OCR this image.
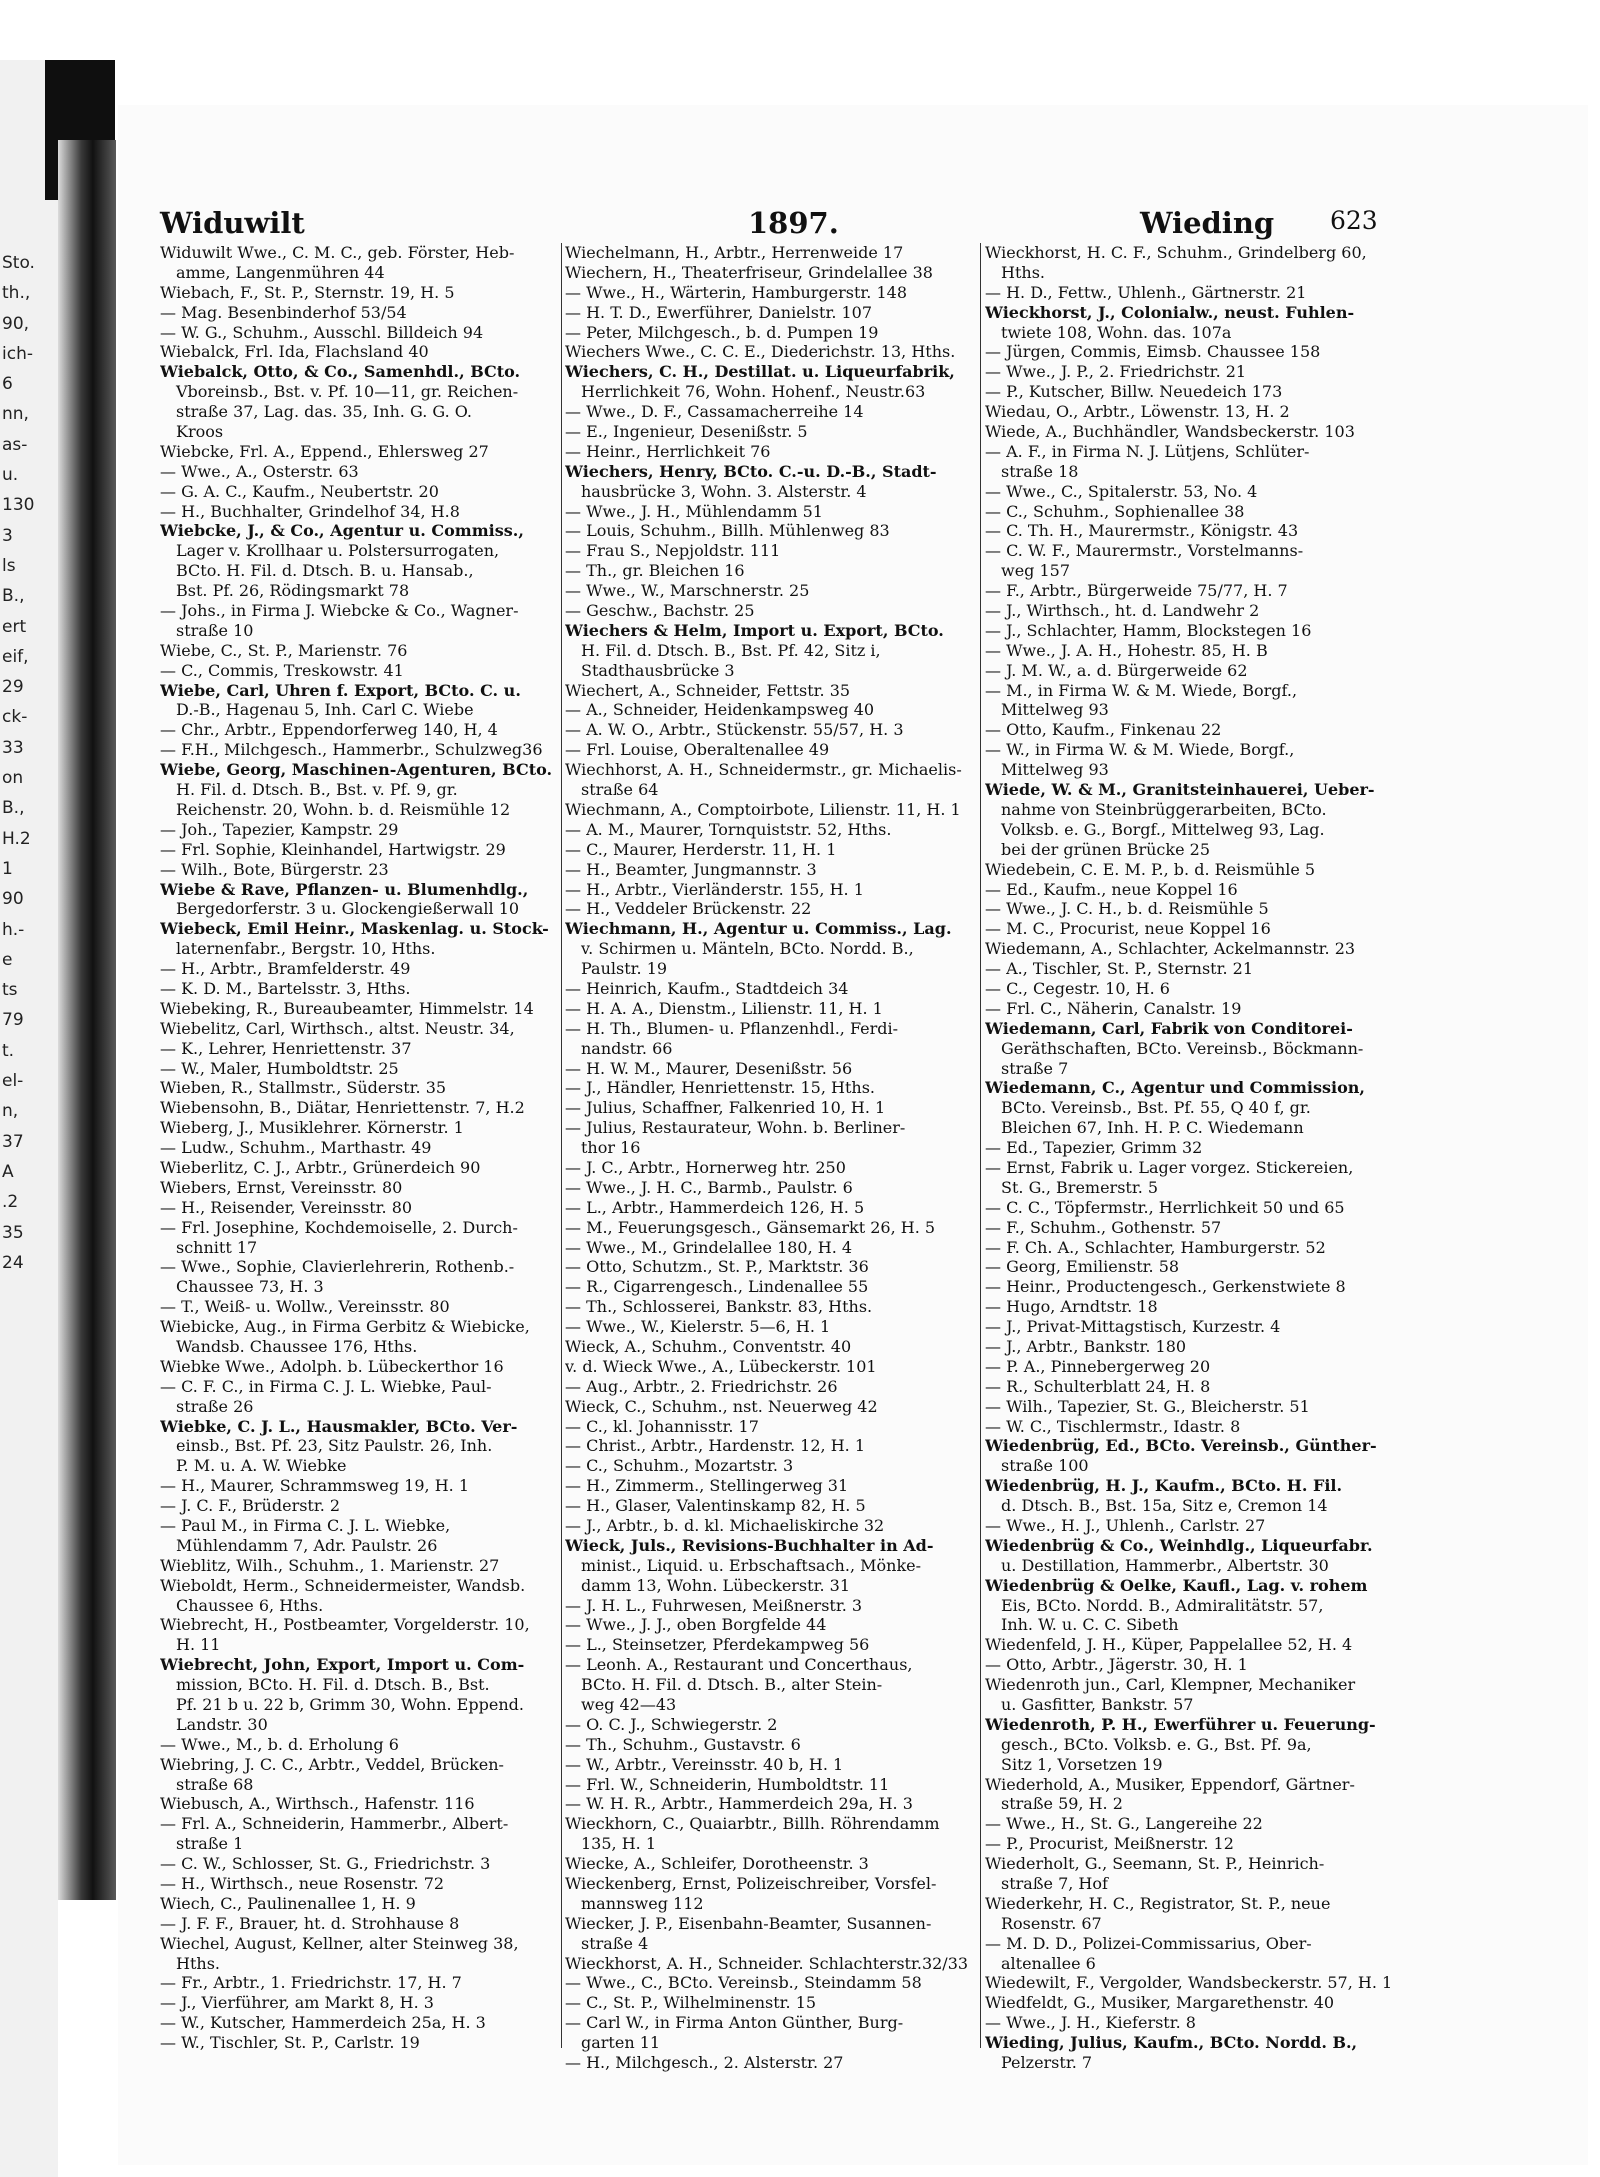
Sto.
th.,
90,
ich-
6
nn,
as-
u.
130
3
ls
B.,
ert
eif,
29
ck-
33
on
B.,
H.2
1
90
h.-
e
ts
79
t.
el-
n,
37
A
.2
35
24
Widuwilt	1897.	Wieding 623
Widuwilt Wwe., C. M. C., geb. Förster, Heb-
amme, Langenmühren 44
Wiebach, F., St. P., Sternstr. 19, H. 5
— Mag. Besenbinderhof 53/54
— W. G., Schuhm., Ausschl. Billdeich 94
Wiebalck, Frl. Ida, Flachsland 40
Wiebalck, Otto, & Co., Samenhdl., BCto.
Vboreinsb., Bst. v. Pf. 10—11, gr. Reichen-
straße 37, Lag. das. 35, Inh. G. G. O.
Kroos
Wiebcke, Frl. A., Eppend., Ehlersweg 27
— Wwe., A., Osterstr. 63
— G. A. C., Kaufm., Neubertstr. 20
— H., Buchhalter, Grindelhof 34, H.8
Wiebcke, J., & Co., Agentur u. Commiss.,
Lager v. Krollhaar u. Polstersurrogaten,
BCto. H. Fil. d. Dtsch. B. u. Hansab.,
Bst. Pf. 26, Rödingsmarkt 78
— Johs., in Firma J. Wiebcke & Co., Wagner-
straße 10
Wiebe, C., St. P., Marienstr. 76
— C., Commis, Treskowstr. 41
Wiebe, Carl, Uhren f. Export, BCto. C. u.
D.-B., Hagenau 5, Inh. Carl C. Wiebe
— Chr., Arbtr., Eppendorferweg 140, H, 4
— F.H., Milchgesch., Hammerbr., Schulzweg36
Wiebe, Georg, Maschinen-Agenturen, BCto.
H. Fil. d. Dtsch. B., Bst. v. Pf. 9, gr.
Reichenstr. 20, Wohn. b. d. Reismühle 12
— Joh., Tapezier, Kampstr. 29
— Frl. Sophie, Kleinhandel, Hartwigstr. 29
— Wilh., Bote, Bürgerstr. 23
Wiebe & Rave, Pflanzen- u. Blumenhdlg.,
Bergedorferstr. 3 u. Glockengießerwall 10
Wiebeck, Emil Heinr., Maskenlag. u. Stock-
laternenfabr., Bergstr. 10, Hths.
— H., Arbtr., Bramfelderstr. 49
— K. D. M., Bartelsstr. 3, Hths.
Wiebeking, R., Bureaubeamter, Himmelstr. 14
Wiebelitz, Carl, Wirthsch., altst. Neustr. 34,
— K., Lehrer, Henriettenstr. 37
— W., Maler, Humboldtstr. 25
Wieben, R., Stallmstr., Süderstr. 35
Wiebensohn, B., Diätar, Henriettenstr. 7, H.2
Wieberg, J., Musiklehrer. Körnerstr. 1
— Ludw., Schuhm., Marthastr. 49
Wieberlitz, C. J., Arbtr., Grünerdeich 90
Wiebers, Ernst, Vereinsstr. 80
— H., Reisender, Vereinsstr. 80
— Frl. Josephine, Kochdemoiselle, 2. Durch-
schnitt 17
— Wwe., Sophie, Clavierlehrerin, Rothenb.-
Chaussee 73, H. 3
— T., Weiß- u. Wollw., Vereinsstr. 80
Wiebicke, Aug., in Firma Gerbitz & Wiebicke,
Wandsb. Chaussee 176, Hths.
Wiebke Wwe., Adolph. b. Lübeckerthor 16
— C. F. C., in Firma C. J. L. Wiebke, Paul-
straße 26
Wiebke, C. J. L., Hausmakler, BCto. Ver-
einsb., Bst. Pf. 23, Sitz Paulstr. 26, Inh.
P. M. u. A. W. Wiebke
— H., Maurer, Schrammsweg 19, H. 1
— J. C. F., Brüderstr. 2
— Paul M., in Firma C. J. L. Wiebke,
Mühlendamm 7, Adr. Paulstr. 26
Wieblitz, Wilh., Schuhm., 1. Marienstr. 27
Wieboldt, Herm., Schneidermeister, Wandsb.
Chaussee 6, Hths.
Wiebrecht, H., Postbeamter, Vorgelderstr. 10,
H. 11
Wiebrecht, John, Export, Import u. Com-
mission, BCto. H. Fil. d. Dtsch. B., Bst.
Pf. 21 b u. 22 b, Grimm 30, Wohn. Eppend.
Landstr. 30
— Wwe., M., b. d. Erholung 6
Wiebring, J. C. C., Arbtr., Veddel, Brücken-
straße 68
Wiebusch, A., Wirthsch., Hafenstr. 116
— Frl. A., Schneiderin, Hammerbr., Albert-
straße 1
— C. W., Schlosser, St. G., Friedrichstr. 3
— H., Wirthsch., neue Rosenstr. 72
Wiech, C., Paulinenallee 1, H. 9
— J. F. F., Brauer, ht. d. Strohhause 8
Wiechel, August, Kellner, alter Steinweg 38,
Hths.
— Fr., Arbtr., 1. Friedrichstr. 17, H. 7
— J., Vierführer, am Markt 8, H. 3
— W., Kutscher, Hammerdeich 25a, H. 3
— W., Tischler, St. P., Carlstr. 19
Wiechelmann, H., Arbtr., Herrenweide 17
Wiechern, H., Theaterfriseur, Grindelallee 38
— Wwe., H., Wärterin, Hamburgerstr. 148
— H. T. D., Ewerführer, Danielstr. 107
— Peter, Milchgesch., b. d. Pumpen 19
Wiechers Wwe., C. C. E., Diederichstr. 13, Hths.
Wiechers, C. H., Destillat. u. Liqueurfabrik,
Herrlichkeit 76, Wohn. Hohenf., Neustr.63
— Wwe., D. F., Cassamacherreihe 14
— E., Ingenieur, Desenißstr. 5
— Heinr., Herrlichkeit 76
Wiechers, Henry, BCto. C.-u. D.-B., Stadt-
hausbrücke 3, Wohn. 3. Alsterstr. 4
— Wwe., J. H., Mühlendamm 51
— Louis, Schuhm., Billh. Mühlenweg 83
— Frau S., Nepjoldstr. 111
— Th., gr. Bleichen 16
— Wwe., W., Marschnerstr. 25
— Geschw., Bachstr. 25
Wiechers & Helm, Import u. Export, BCto.
H. Fil. d. Dtsch. B., Bst. Pf. 42, Sitz i,
Stadthausbrücke 3
Wiechert, A., Schneider, Fettstr. 35
— A., Schneider, Heidenkampsweg 40
— A. W. O., Arbtr., Stückenstr. 55/57, H. 3
— Frl. Louise, Oberaltenallee 49
Wiechhorst, A. H., Schneidermstr., gr. Michaelis-
straße 64
Wiechmann, A., Comptoirbote, Lilienstr. 11, H. 1
— A. M., Maurer, Tornquiststr. 52, Hths.
— C., Maurer, Herderstr. 11, H. 1
— H., Beamter, Jungmannstr. 3
— H., Arbtr., Vierländerstr. 155, H. 1
— H., Veddeler Brückenstr. 22
Wiechmann, H., Agentur u. Commiss., Lag.
v. Schirmen u. Mänteln, BCto. Nordd. B.,
Paulstr. 19
— Heinrich, Kaufm., Stadtdeich 34
— H. A. A., Dienstm., Lilienstr. 11, H. 1
— H. Th., Blumen- u. Pflanzenhdl., Ferdi-
nandstr. 66
— H. W. M., Maurer, Desenißstr. 56
— J., Händler, Henriettenstr. 15, Hths.
— Julius, Schaffner, Falkenried 10, H. 1
— Julius, Restaurateur, Wohn. b. Berliner-
thor 16
— J. C., Arbtr., Hornerweg htr. 250
— Wwe., J. H. C., Barmb., Paulstr. 6
— L., Arbtr., Hammerdeich 126, H. 5
— M., Feuerungsgesch., Gänsemarkt 26, H. 5
— Wwe., M., Grindelallee 180, H. 4
— Otto, Schutzm., St. P., Marktstr. 36
— R., Cigarrengesch., Lindenallee 55
— Th., Schlosserei, Bankstr. 83, Hths.
— Wwe., W., Kielerstr. 5—6, H. 1
Wieck, A., Schuhm., Conventstr. 40
v. d. Wieck Wwe., A., Lübeckerstr. 101
— Aug., Arbtr., 2. Friedrichstr. 26
Wieck, C., Schuhm., nst. Neuerweg 42
— C., kl. Johannisstr. 17
— Christ., Arbtr., Hardenstr. 12, H. 1
— C., Schuhm., Mozartstr. 3
— H., Zimmerm., Stellingerweg 31
— H., Glaser, Valentinskamp 82, H. 5
— J., Arbtr., b. d. kl. Michaeliskirche 32
Wieck, Juls., Revisions-Buchhalter in Ad-
minist., Liquid. u. Erbschaftsach., Mönke-
damm 13, Wohn. Lübeckerstr. 31
— J. H. L., Fuhrwesen, Meißnerstr. 3
— Wwe., J. J., oben Borgfelde 44
— L., Steinsetzer, Pferdekampweg 56
— Leonh. A., Restaurant und Concerthaus,
BCto. H. Fil. d. Dtsch. B., alter Stein-
weg 42—43
— O. C. J., Schwiegerstr. 2
— Th., Schuhm., Gustavstr. 6
— W., Arbtr., Vereinsstr. 40 b, H. 1
— Frl. W., Schneiderin, Humboldtstr. 11
— W. H. R., Arbtr., Hammerdeich 29a, H. 3
Wieckhorn, C., Quaiarbtr., Billh. Röhrendamm
135, H. 1
Wiecke, A., Schleifer, Dorotheenstr. 3
Wieckenberg, Ernst, Polizeischreiber, Vorsfel-
mannsweg 112
Wiecker, J. P., Eisenbahn-Beamter, Susannen-
straße 4
Wieckhorst, A. H., Schneider. Schlachterstr.32/33
— Wwe., C., BCto. Vereinsb., Steindamm 58
— C., St. P., Wilhelminenstr. 15
— Carl W., in Firma Anton Günther, Burg-
garten 11
— H., Milchgesch., 2. Alsterstr. 27
Wieckhorst, H. C. F., Schuhm., Grindelberg 60,
Hths.
— H. D., Fettw., Uhlenh., Gärtnerstr. 21
Wieckhorst, J., Colonialw., neust. Fuhlen-
twiete 108, Wohn. das. 107a
— Jürgen, Commis, Eimsb. Chaussee 158
— Wwe., J. P., 2. Friedrichstr. 21
— P., Kutscher, Billw. Neuedeich 173
Wiedau, O., Arbtr., Löwenstr. 13, H. 2
Wiede, A., Buchhändler, Wandsbeckerstr. 103
— A. F., in Firma N. J. Lütjens, Schlüter-
straße 18
— Wwe., C., Spitalerstr. 53, No. 4
— C., Schuhm., Sophienallee 38
— C. Th. H., Maurermstr., Königstr. 43
— C. W. F., Maurermstr., Vorstelmanns-
weg 157
— F., Arbtr., Bürgerweide 75/77, H. 7
— J., Wirthsch., ht. d. Landwehr 2
— J., Schlachter, Hamm, Blockstegen 16
— Wwe., J. A. H., Hohestr. 85, H. B
— J. M. W., a. d. Bürgerweide 62
— M., in Firma W. & M. Wiede, Borgf.,
Mittelweg 93
— Otto, Kaufm., Finkenau 22
— W., in Firma W. & M. Wiede, Borgf.,
Mittelweg 93
Wiede, W. & M., Granitsteinhauerei, Ueber-
nahme von Steinbrüggerarbeiten, BCto.
Volksb. e. G., Borgf., Mittelweg 93, Lag.
bei der grünen Brücke 25
Wiedebein, C. E. M. P., b. d. Reismühle 5
— Ed., Kaufm., neue Koppel 16
— Wwe., J. C. H., b. d. Reismühle 5
— M. C., Procurist, neue Koppel 16
Wiedemann, A., Schlachter, Ackelmannstr. 23
— A., Tischler, St. P., Sternstr. 21
— C., Cegestr. 10, H. 6
— Frl. C., Näherin, Canalstr. 19
Wiedemann, Carl, Fabrik von Conditorei-
Geräthschaften, BCto. Vereinsb., Böckmann-
straße 7
Wiedemann, C., Agentur und Commission,
BCto. Vereinsb., Bst. Pf. 55, Q 40 f, gr.
Bleichen 67, Inh. H. P. C. Wiedemann
— Ed., Tapezier, Grimm 32
— Ernst, Fabrik u. Lager vorgez. Stickereien,
St. G., Bremerstr. 5
— C. C., Töpfermstr., Herrlichkeit 50 und 65
— F., Schuhm., Gothenstr. 57
— F. Ch. A., Schlachter, Hamburgerstr. 52
— Georg, Emilienstr. 58
— Heinr., Productengesch., Gerkenstwiete 8
— Hugo, Arndtstr. 18
— J., Privat-Mittagstisch, Kurzestr. 4
— J., Arbtr., Bankstr. 180
— P. A., Pinnebergerweg 20
— R., Schulterblatt 24, H. 8
— Wilh., Tapezier, St. G., Bleicherstr. 51
— W. C., Tischlermstr., Idastr. 8
Wiedenbrüg, Ed., BCto. Vereinsb., Günther-
straße 100
Wiedenbrüg, H. J., Kaufm., BCto. H. Fil.
d. Dtsch. B., Bst. 15a, Sitz e, Cremon 14
— Wwe., H. J., Uhlenh., Carlstr. 27
Wiedenbrüg & Co., Weinhdlg., Liqueurfabr.
u. Destillation, Hammerbr., Albertstr. 30
Wiedenbrüg & Oelke, Kaufl., Lag. v. rohem
Eis, BCto. Nordd. B., Admiralitätstr. 57,
Inh. W. u. C. C. Sibeth
Wiedenfeld, J. H., Küper, Pappelallee 52, H. 4
— Otto, Arbtr., Jägerstr. 30, H. 1
Wiedenroth jun., Carl, Klempner, Mechaniker
u. Gasfitter, Bankstr. 57
Wiedenroth, P. H., Ewerführer u. Feuerung-
gesch., BCto. Volksb. e. G., Bst. Pf. 9a,
Sitz 1, Vorsetzen 19
Wiederhold, A., Musiker, Eppendorf, Gärtner-
straße 59, H. 2
— Wwe., H., St. G., Langereihe 22
— P., Procurist, Meißnerstr. 12
Wiederholt, G., Seemann, St. P., Heinrich-
straße 7, Hof
Wiederkehr, H. C., Registrator, St. P., neue
Rosenstr. 67
— M. D. D., Polizei-Commissarius, Ober-
altenallee 6
Wiedewilt, F., Vergolder, Wandsbeckerstr. 57, H. 1
Wiedfeldt, G., Musiker, Margarethenstr. 40
— Wwe., J. H., Kieferstr. 8
Wieding, Julius, Kaufm., BCto. Nordd. B.,
Pelzerstr. 7
